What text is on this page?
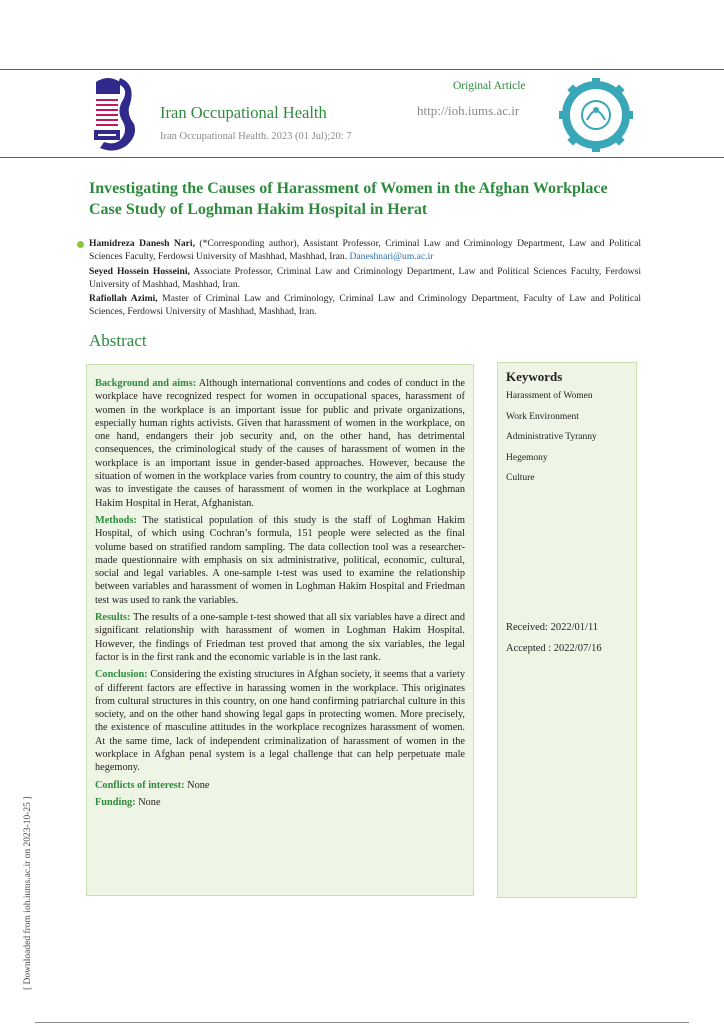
Iran Occupational Health
Iran Occupational Health. 2023 (01 Jul);20: 7
Original Article
http://ioh.iums.ac.ir
Investigating the Causes of Harassment of Women in the Afghan Workplace
Case Study of Loghman Hakim Hospital in Herat

Hamidreza Danesh Nari, (*Corresponding author), Assistant Professor, Criminal Law and Criminology Department, Law and Political Sciences Faculty, Ferdowsi University of Mashhad, Mashhad, Iran. Daneshnari@um.ac.ir

Seyed Hossein Hosseini, Associate Professor, Criminal Law and Criminology Department, Law and Political Sciences Faculty, Ferdowsi University of Mashhad, Mashhad, Iran.

Rafiollah Azimi, Master of Criminal Law and Criminology, Criminal Law and Criminology Department, Faculty of Law and Political Sciences, Ferdowsi University of Mashhad, Mashhad, Iran.

Abstract

Background and aims: Although international conventions and codes of conduct in the workplace have recognized respect for women in occupational spaces, harassment of women in the workplace is an important issue for public and private organizations, especially human rights activists. Given that harassment of women in the workplace, on one hand, endangers their job security and, on the other hand, has detrimental consequences, the criminological study of the causes of harassment of women in the workplace is an important issue in gender-based approaches. However, because the situation of women in the workplace varies from country to country, the aim of this study was to investigate the causes of harassment of women in the workplace at Loghman Hakim Hospital in Herat, Afghanistan.

Methods: The statistical population of this study is the staff of Loghman Hakim Hospital, of which using Cochran’s formula, 151 people were selected as the final volume based on stratified random sampling. The data collection tool was a researcher-made questionnaire with emphasis on six administrative, political, economic, cultural, social and legal variables. A one-sample t-test was used to examine the relationship between variables and harassment of women in Loghman Hakim Hospital and Friedman test was used to rank the variables.

Results: The results of a one-sample t-test showed that all six variables have a direct and significant relationship with harassment of women in Loghman Hakim Hospital. However, the findings of Friedman test proved that among the six variables, the legal factor is in the first rank and the economic variable is in the last rank.

Conclusion: Considering the existing structures in Afghan society, it seems that a variety of different factors are effective in harassing women in the workplace. This originates from cultural structures in this country, on one hand confirming patriarchal culture in this society, and on the other hand showing legal gaps in protecting women. More precisely, the existence of masculine attitudes in the workplace recognizes harassment of women. At the same time, lack of independent criminalization of harassment of women in the workplace in Afghan penal system is a legal challenge that can help perpetuate male hegemony.

Conflicts of interest: None

Funding: None

Keywords
Harassment of Women
Work Environment
Administrative Tyranny
Hegemony
Culture
Received: 2022/01/11
Accepted : 2022/07/16
[ Downloaded from ioh.iums.ac.ir on 2023-10-25 ]
